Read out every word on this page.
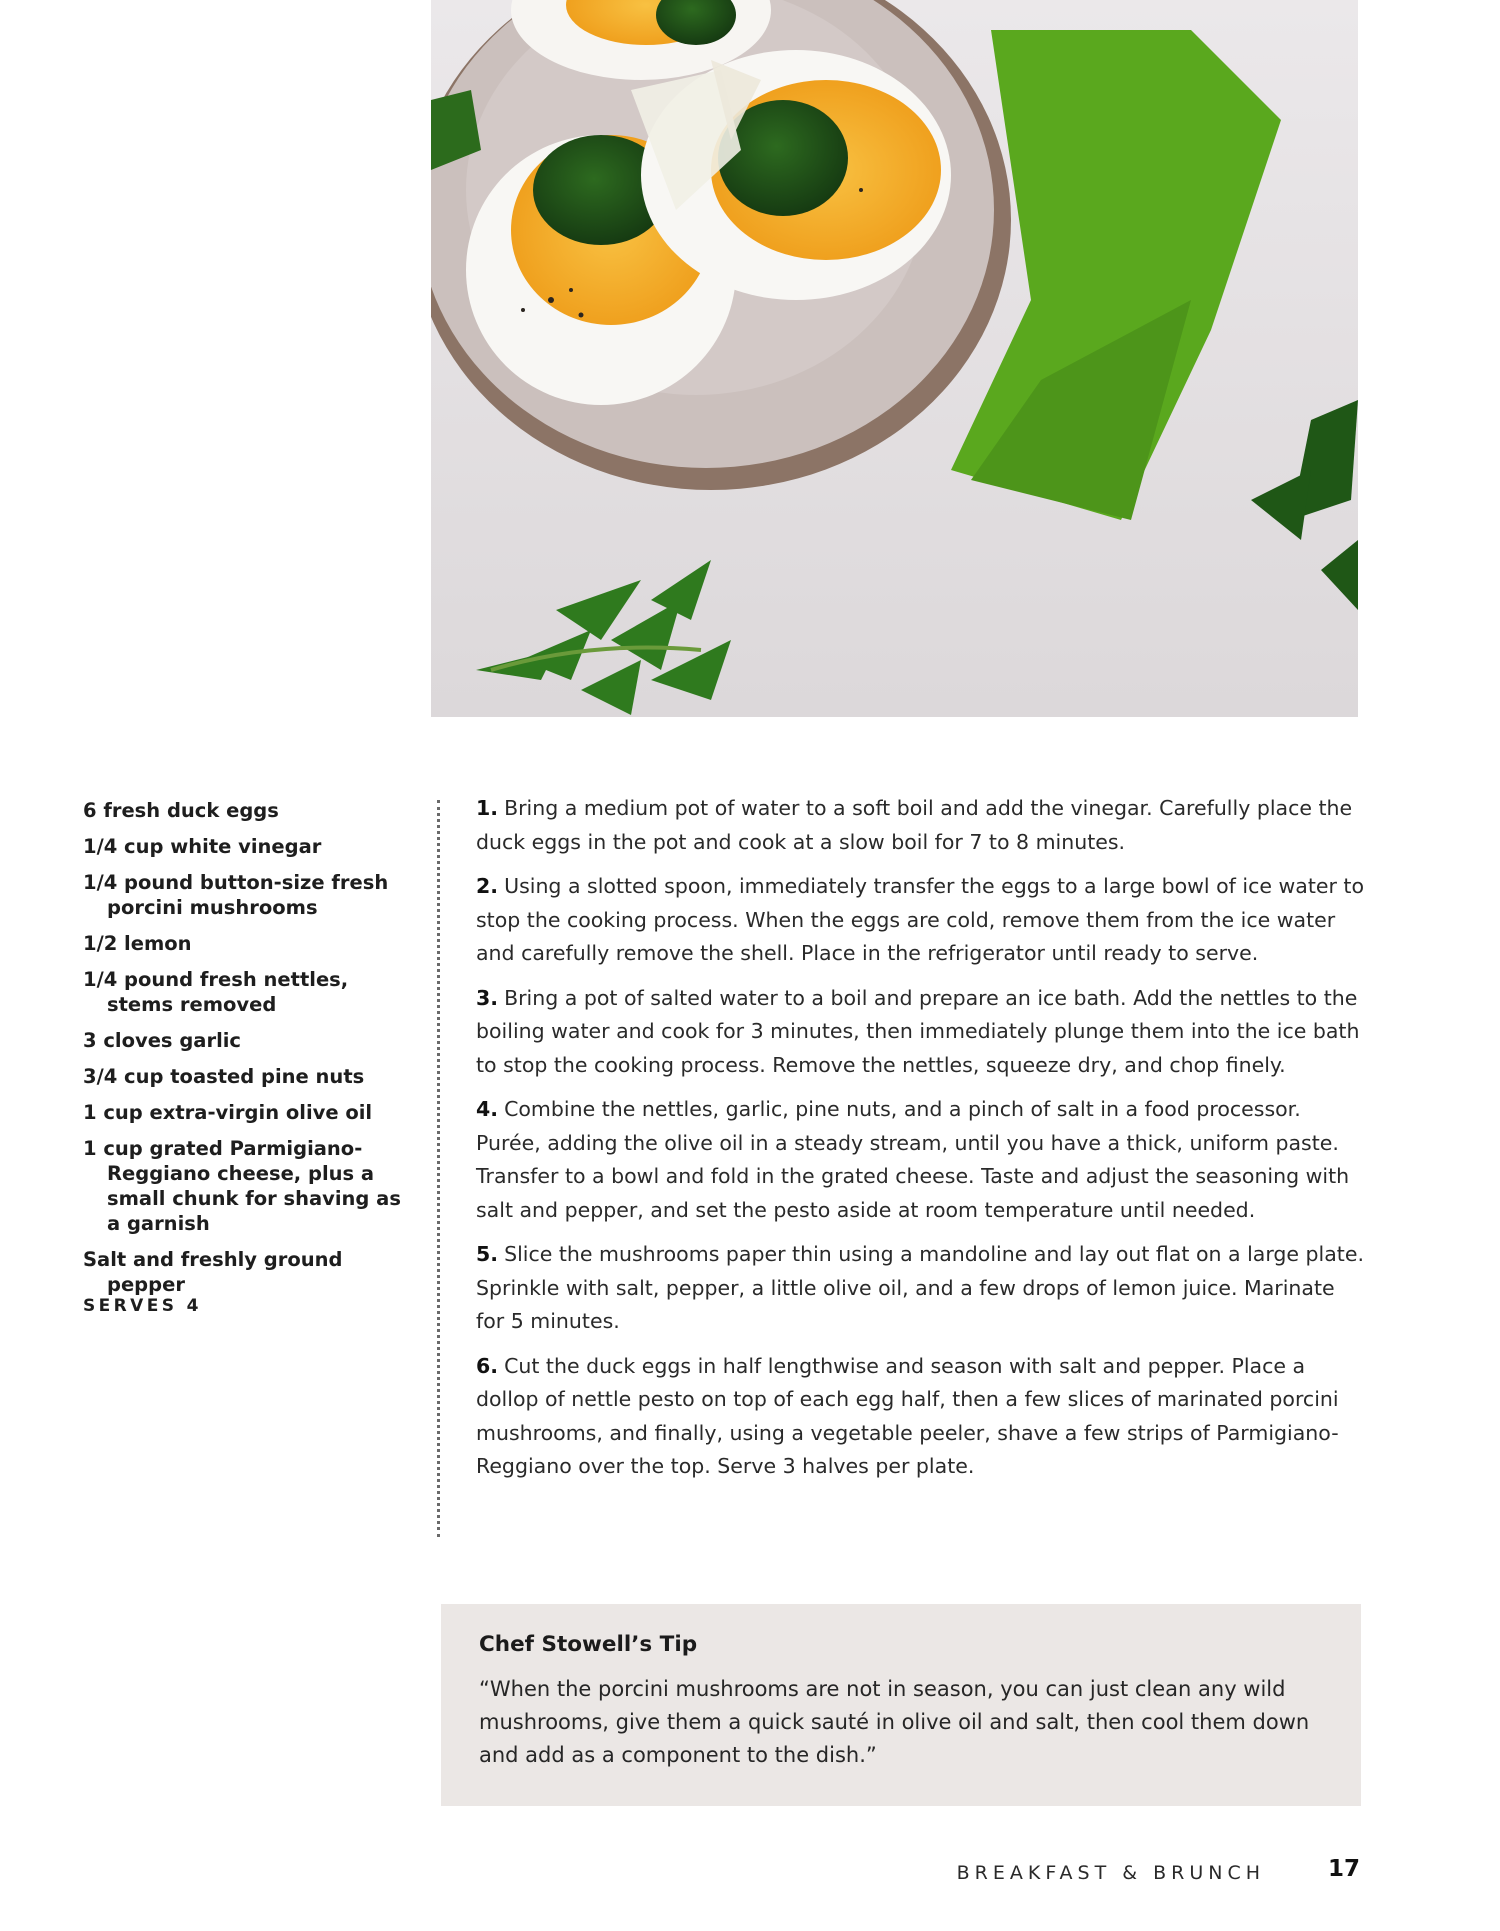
6 fresh duck eggs
1/4 cup white vinegar
1/4 pound button-size fresh porcini mushrooms
1/2 lemon
1/4 pound fresh nettles, stems removed
3 cloves garlic
3/4 cup toasted pine nuts
1 cup extra-virgin olive oil
1 cup grated Parmigiano-Reggiano cheese, plus a small chunk for shaving as a garnish
Salt and freshly ground pepper
SERVES 4

1. Bring a medium pot of water to a soft boil and add the vinegar. Carefully place the duck eggs in the pot and cook at a slow boil for 7 to 8 minutes.

2. Using a slotted spoon, immediately transfer the eggs to a large bowl of ice water to stop the cooking process. When the eggs are cold, remove them from the ice water and carefully remove the shell. Place in the refrigerator until ready to serve.

3. Bring a pot of salted water to a boil and prepare an ice bath. Add the nettles to the boiling water and cook for 3 minutes, then immediately plunge them into the ice bath to stop the cooking process. Remove the nettles, squeeze dry, and chop finely.

4. Combine the nettles, garlic, pine nuts, and a pinch of salt in a food processor. Purée, adding the olive oil in a steady stream, until you have a thick, uniform paste. Transfer to a bowl and fold in the grated cheese. Taste and adjust the seasoning with salt and pepper, and set the pesto aside at room temperature until needed.

5. Slice the mushrooms paper thin using a mandoline and lay out flat on a large plate. Sprinkle with salt, pepper, a little olive oil, and a few drops of lemon juice. Marinate for 5 minutes.

6. Cut the duck eggs in half lengthwise and season with salt and pepper. Place a dollop of nettle pesto on top of each egg half, then a few slices of marinated porcini mushrooms, and finally, using a vegetable peeler, shave a few strips of Parmigiano-Reggiano over the top. Serve 3 halves per plate.

Chef Stowell’s Tip
“When the porcini mushrooms are not in season, you can just clean any wild mushrooms, give them a quick sauté in olive oil and salt, then cool them down and add as a component to the dish.”
BREAKFAST & BRUNCH	17
